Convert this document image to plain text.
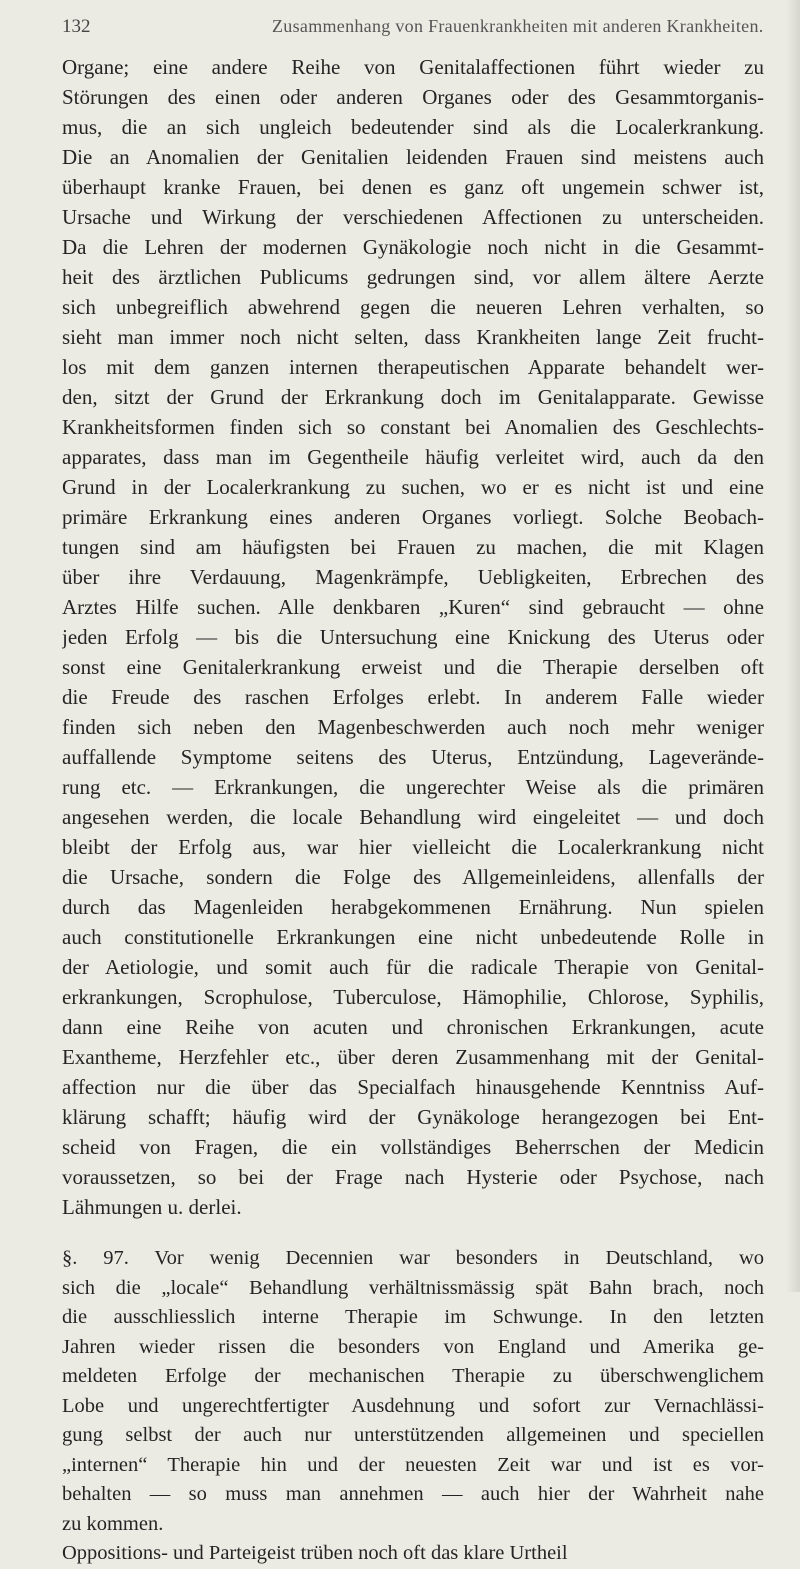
132	Zusammenhang von Frauenkrankheiten mit anderen Krankheiten.
Organe; eine andere Reihe von Genitalaffectionen führt wieder zu
Störungen des einen oder anderen Organes oder des Gesammtorganis-
mus, die an sich ungleich bedeutender sind als die Localerkrankung.
Die an Anomalien der Genitalien leidenden Frauen sind meistens auch
überhaupt kranke Frauen, bei denen es ganz oft ungemein schwer ist,
Ursache und Wirkung der verschiedenen Affectionen zu unterscheiden.
Da die Lehren der modernen Gynäkologie noch nicht in die Gesammt-
heit des ärztlichen Publicums gedrungen sind, vor allem ältere Aerzte
sich unbegreiflich abwehrend gegen die neueren Lehren verhalten, so
sieht man immer noch nicht selten, dass Krankheiten lange Zeit frucht-
los mit dem ganzen internen therapeutischen Apparate behandelt wer-
den, sitzt der Grund der Erkrankung doch im Genitalapparate. Gewisse
Krankheitsformen finden sich so constant bei Anomalien des Geschlechts-
apparates, dass man im Gegentheile häufig verleitet wird, auch da den
Grund in der Localerkrankung zu suchen, wo er es nicht ist und eine
primäre Erkrankung eines anderen Organes vorliegt. Solche Beobach-
tungen sind am häufigsten bei Frauen zu machen, die mit Klagen
über ihre Verdauung, Magenkrämpfe, Uebligkeiten, Erbrechen des
Arztes Hilfe suchen. Alle denkbaren „Kuren“ sind gebraucht — ohne
jeden Erfolg — bis die Untersuchung eine Knickung des Uterus oder
sonst eine Genitalerkrankung erweist und die Therapie derselben oft
die Freude des raschen Erfolges erlebt. In anderem Falle wieder
finden sich neben den Magenbeschwerden auch noch mehr weniger
auffallende Symptome seitens des Uterus, Entzündung, Lageverände-
rung etc. — Erkrankungen, die ungerechter Weise als die primären
angesehen werden, die locale Behandlung wird eingeleitet — und doch
bleibt der Erfolg aus, war hier vielleicht die Localerkrankung nicht
die Ursache, sondern die Folge des Allgemeinleidens, allenfalls der
durch das Magenleiden herabgekommenen Ernährung. Nun spielen
auch constitutionelle Erkrankungen eine nicht unbedeutende Rolle in
der Aetiologie, und somit auch für die radicale Therapie von Genital-
erkrankungen, Scrophulose, Tuberculose, Hämophilie, Chlorose, Syphilis,
dann eine Reihe von acuten und chronischen Erkrankungen, acute
Exantheme, Herzfehler etc., über deren Zusammenhang mit der Genital-
affection nur die über das Specialfach hinausgehende Kenntniss Auf-
klärung schafft; häufig wird der Gynäkologe herangezogen bei Ent-
scheid von Fragen, die ein vollständiges Beherrschen der Medicin
voraussetzen, so bei der Frage nach Hysterie oder Psychose, nach
Lähmungen u. derlei.
§. 97. Vor wenig Decennien war besonders in Deutschland, wo
sich die „locale“ Behandlung verhältnissmässig spät Bahn brach, noch
die ausschliesslich interne Therapie im Schwunge. In den letzten
Jahren wieder rissen die besonders von England und Amerika ge-
meldeten Erfolge der mechanischen Therapie zu überschwenglichem
Lobe und ungerechtfertigter Ausdehnung und sofort zur Vernachlässi-
gung selbst der auch nur unterstützenden allgemeinen und speciellen
„internen“ Therapie hin und der neuesten Zeit war und ist es vor-
behalten — so muss man annehmen — auch hier der Wahrheit nahe
zu kommen.
Oppositions- und Parteigeist trüben noch oft das klare Urtheil
